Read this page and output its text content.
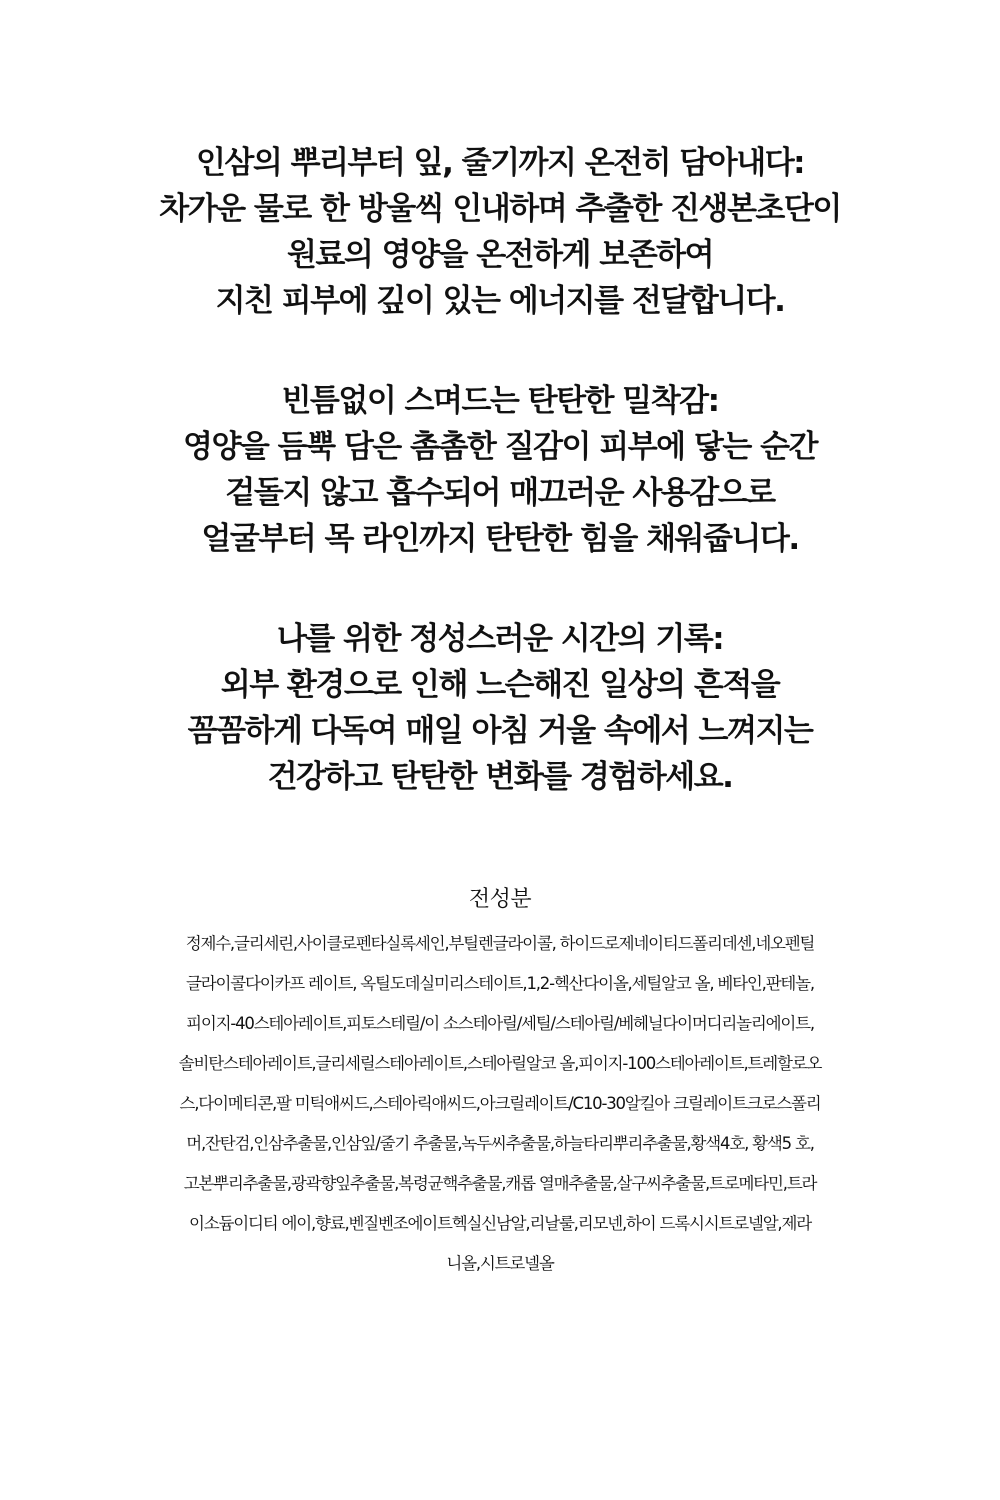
인삼의 뿌리부터 잎, 줄기까지 온전히 담아내다:
차가운 물로 한 방울씩 인내하며 추출한 진생본초단이
원료의 영양을 온전하게 보존하여
지친 피부에 깊이 있는 에너지를 전달합니다.

빈틈없이 스며드는 탄탄한 밀착감:
영양을 듬뿍 담은 촘촘한 질감이 피부에 닿는 순간
겉돌지 않고 흡수되어 매끄러운 사용감으로
얼굴부터 목 라인까지 탄탄한 힘을 채워줍니다.

나를 위한 정성스러운 시간의 기록:
외부 환경으로 인해 느슨해진 일상의 흔적을
꼼꼼하게 다독여 매일 아침 거울 속에서 느껴지는
건강하고 탄탄한 변화를 경험하세요.

전성분
정제수,글리세린,사이클로펜타실록세인,부틸렌글라이콜, 하이드로제네이티드폴리데센,네오펜틸
글라이콜다이카프 레이트, 옥틸도데실미리스테이트,1,2-헥산다이올,세틸알코 올, 베타인,판테놀,
피이지-40스테아레이트,피토스테릴/이 소스테아릴/세틸/스테아릴/베헤닐다이머디리놀리에이트,
솔비탄스테아레이트,글리세릴스테아레이트,스테아릴알코 올,피이지-100스테아레이트,트레할로오
스,다이메티콘,팔 미틱애씨드,스테아릭애씨드,아크릴레이트/C10-30알킬아 크릴레이트크로스폴리
머,잔탄검,인삼추출물,인삼잎/줄기 추출물,녹두씨추출물,하늘타리뿌리추출물,황색4호, 황색5 호,
고본뿌리추출물,광곽향잎추출물,복령균핵추출물,캐롭 열매추출물,살구씨추출물,트로메타민,트라
이소듐이디티 에이,향료,벤질벤조에이트헥실신남알,리날룰,리모넨,하이 드록시시트로넬알,제라
니올,시트로넬올
